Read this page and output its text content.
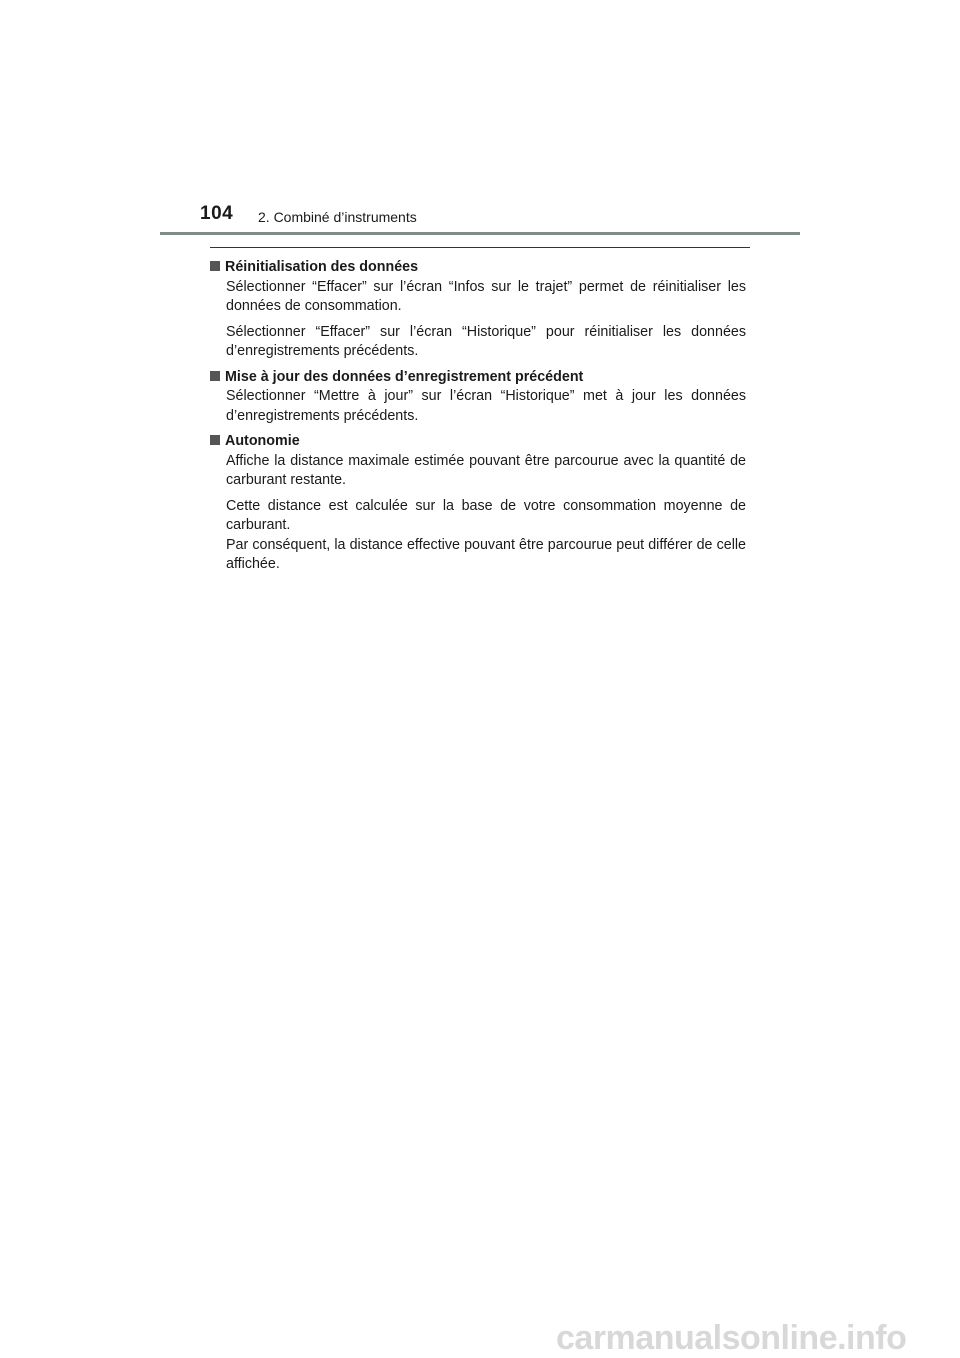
104 2. Combiné d’instruments
Réinitialisation des données

Sélectionner “Effacer” sur l’écran “Infos sur le trajet” permet de réinitialiser les données de consommation.

Sélectionner “Effacer” sur l’écran “Historique” pour réinitialiser les données d’enregistrements précédents.

Mise à jour des données d’enregistrement précédent

Sélectionner “Mettre à jour” sur l’écran “Historique” met à jour les données d’enregistrements précédents.

Autonomie

Affiche la distance maximale estimée pouvant être parcourue avec la quantité de carburant restante.

Cette distance est calculée sur la base de votre consommation moyenne de carburant.

Par conséquent, la distance effective pouvant être parcourue peut différer de celle affichée.

carmanualsonline.info
